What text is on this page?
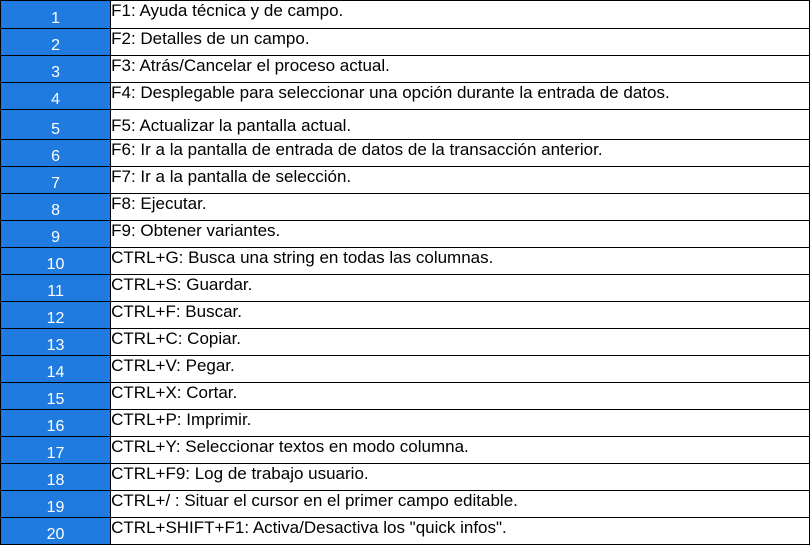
1	F1: Ayuda técnica y de campo.
2	F2: Detalles de un campo.
3	F3: Atrás/Cancelar el proceso actual.
4	F4: Desplegable para seleccionar una opción durante la entrada de datos.
5	F5: Actualizar la pantalla actual.
6	F6: Ir a la pantalla de entrada de datos de la transacción anterior.
7	F7: Ir a la pantalla de selección.
8	F8: Ejecutar.
9	F9: Obtener variantes.
10	CTRL+G: Busca una string en todas las columnas.
11	CTRL+S: Guardar.
12	CTRL+F: Buscar.
13	CTRL+C: Copiar.
14	CTRL+V: Pegar.
15	CTRL+X: Cortar.
16	CTRL+P: Imprimir.
17	CTRL+Y: Seleccionar textos en modo columna.
18	CTRL+F9: Log de trabajo usuario.
19	CTRL+/ : Situar el cursor en el primer campo editable.
20	CTRL+SHIFT+F1: Activa/Desactiva los "quick infos".
